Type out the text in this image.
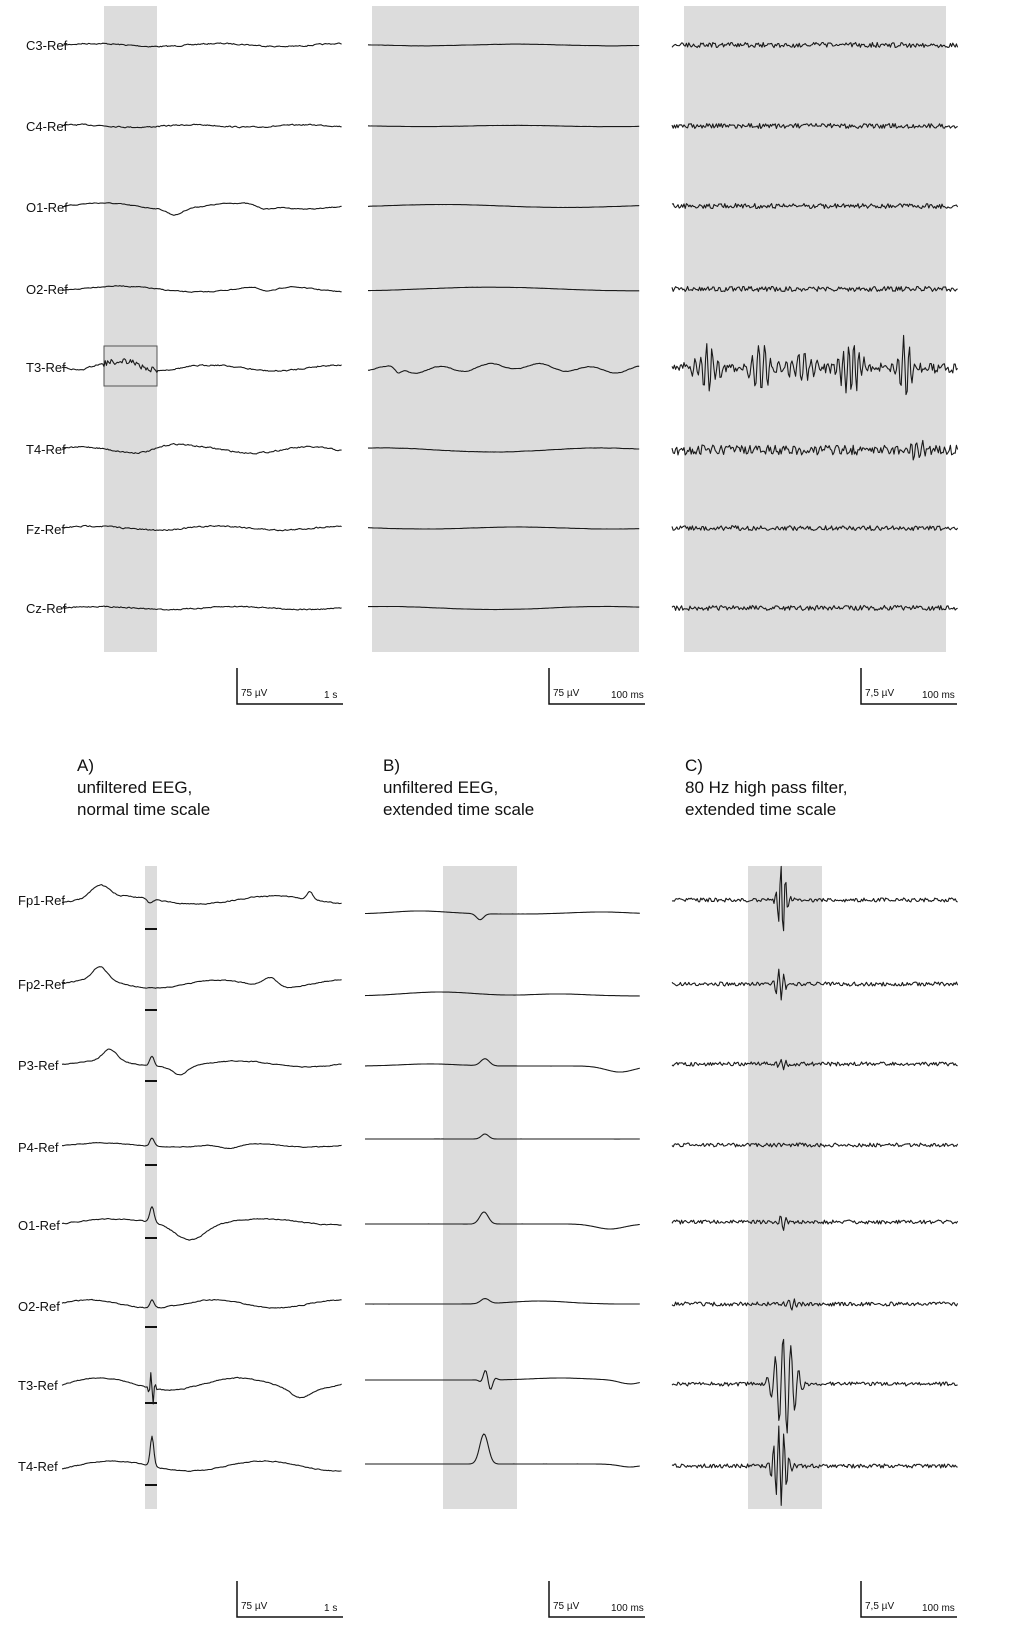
C3-Ref
C4-Ref
O1-Ref
O2-Ref
T3-Ref
T4-Ref
Fz-Ref
Cz-Ref
Fp1-Ref
Fp2-Ref
P3-Ref
P4-Ref
O1-Ref
O2-Ref
T3-Ref
T4-Ref
75 µV	1 s	75 µV	100 ms	7,5 µV	100 ms
75 µV	1 s	75 µV	100 ms	7,5 µV	100 ms
A)
unfiltered EEG,
normal time scale
B)
unfiltered EEG,
extended time scale
C)
80 Hz high pass filter,
extended time scale
